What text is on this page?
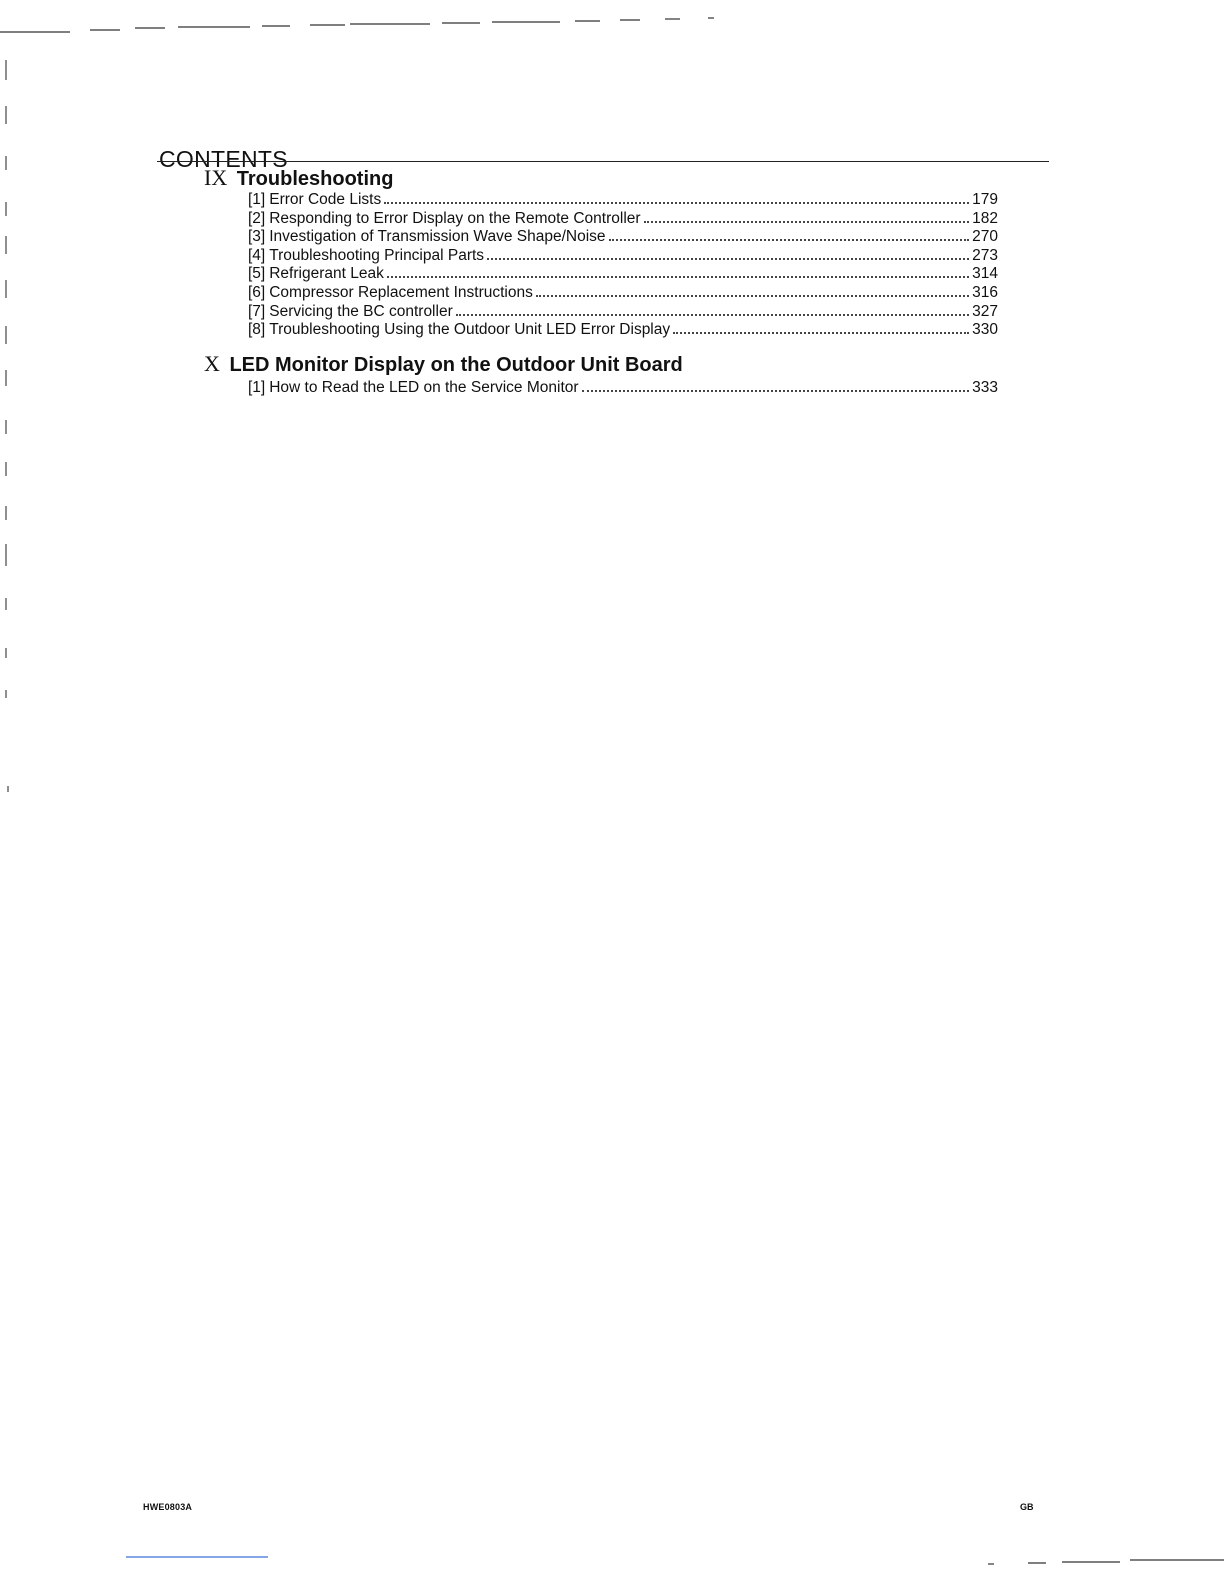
CONTENTS
IX Troubleshooting
[1] Error Code Lists	179
[2] Responding to Error Display on the Remote Controller	182
[3] Investigation of Transmission Wave Shape/Noise	270
[4] Troubleshooting Principal Parts	273
[5] Refrigerant Leak	314
[6] Compressor Replacement Instructions	316
[7] Servicing the BC controller	327
[8] Troubleshooting Using the Outdoor Unit LED Error Display	330
X LED Monitor Display on the Outdoor Unit Board
[1] How to Read the LED on the Service Monitor	333
HWE0803A	GB
